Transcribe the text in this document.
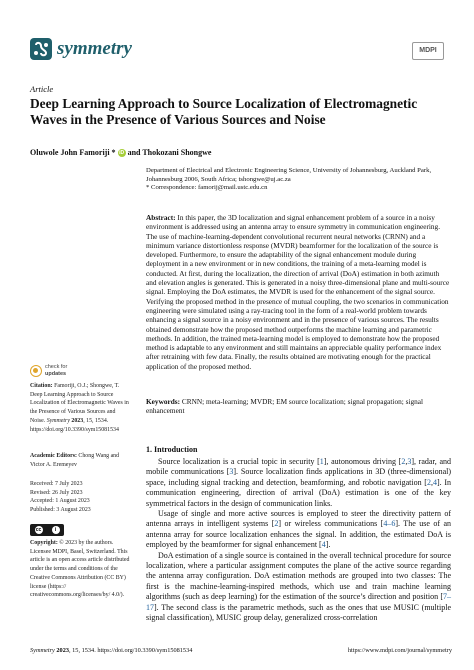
symmetry	MDPI
Article
Deep Learning Approach to Source Localization of Electromagnetic Waves in the Presence of Various Sources and Noise
Oluwole John Famoriji * iD and Thokozani Shongwe
Department of Electrical and Electronic Engineering Science, University of Johannesburg, Auckland Park, Johannesburg 2006, South Africa; tshongwe@uj.ac.za
* Correspondence: famorij@mail.ustc.edu.cn
Abstract: In this paper, the 3D localization and signal enhancement problem of a source in a noisy environment is addressed using an antenna array to ensure symmetry in communication engineering. The use of machine-learning-dependent convolutional recurrent neural networks (CRNN) and a minimum variance distortionless response (MVDR) beamformer for the localization of the source is developed. Furthermore, to ensure the adaptability of the signal enhancement module during deployment in a new environment or in new conditions, the training of a meta-learning model is conducted. At first, during the localization, the direction of arrival (DoA) estimation in both azimuth and elevation angles is generated. This is generated in a noisy three-dimensional plane and multi-source signal. Employing the DoA estimates, the MVDR is used for the enhancement of the signal source. Verifying the proposed method in the presence of mutual coupling, the two scenarios in communication engineering were simulated using a ray-tracing tool in the form of a real-world problem towards enhancing a signal source in a noisy environment and in the presence of various sources. The results obtained demonstrate how the proposed method outperforms the machine learning and parametric methods. In addition, the trained meta-learning model is employed to demonstrate how the proposed method is adaptable to any environment and still maintains an appreciable quality performance index after retraining with few data. Finally, the results obtained are motivating enough for the practical application of the proposed method.
Keywords: CRNN; meta-learning; MVDR; EM source localization; signal propagation; signal enhancement
check for
updates
Citation: Famoriji, O.J.; Shongwe, T. Deep Learning Approach to Source Localization of Electromagnetic Waves in the Presence of Various Sources and Noise. Symmetry 2023, 15, 1534. https://doi.org/10.3390/sym15081534
Academic Editors: Chong Wang and Victor A. Eremeyev
Received: 7 July 2023
Revised: 26 July 2023
Accepted: 1 August 2023
Published: 3 August 2023
cc	i
Copyright: © 2023 by the authors. Licensee MDPI, Basel, Switzerland. This article is an open access article distributed under the terms and conditions of the Creative Commons Attribution (CC BY) license (https:// creativecommons.org/licenses/by/ 4.0/).
1. Introduction

Source localization is a crucial topic in security [1], autonomous driving [2,3], radar, and mobile communications [3]. Source localization finds applications in 3D (three-dimensional) space, including signal tracking and detection, beamforming, and robotic navigation [2,4]. In communication engineering, direction of arrival (DoA) estimation is one of the key symmetrical factors in the design of communication links.

Usage of single and more active sources is employed to steer the directivity pattern of antenna arrays in intelligent systems [2] or wireless communications [4–6]. The use of an antenna array for source localization enhances the signal. In addition, the estimated DoA is employed by the beamformer for signal enhancement [4].

DoA estimation of a single source is contained in the overall technical procedure for source localization, where a particular assignment computes the plane of the active source regarding the antenna array configuration. DoA estimation methods are grouped into two classes: The first is the machine-learning-inspired methods, which use and train machine learning algorithms (such as deep learning) for the estimation of the source’s direction and position [7–17]. The second class is the parametric methods, such as the ones that use MUSIC (multiple signal classification), MUSIC group delay, generalized cross-correlation

Symmetry 2023, 15, 1534. https://doi.org/10.3390/sym15081534	https://www.mdpi.com/journal/symmetry
